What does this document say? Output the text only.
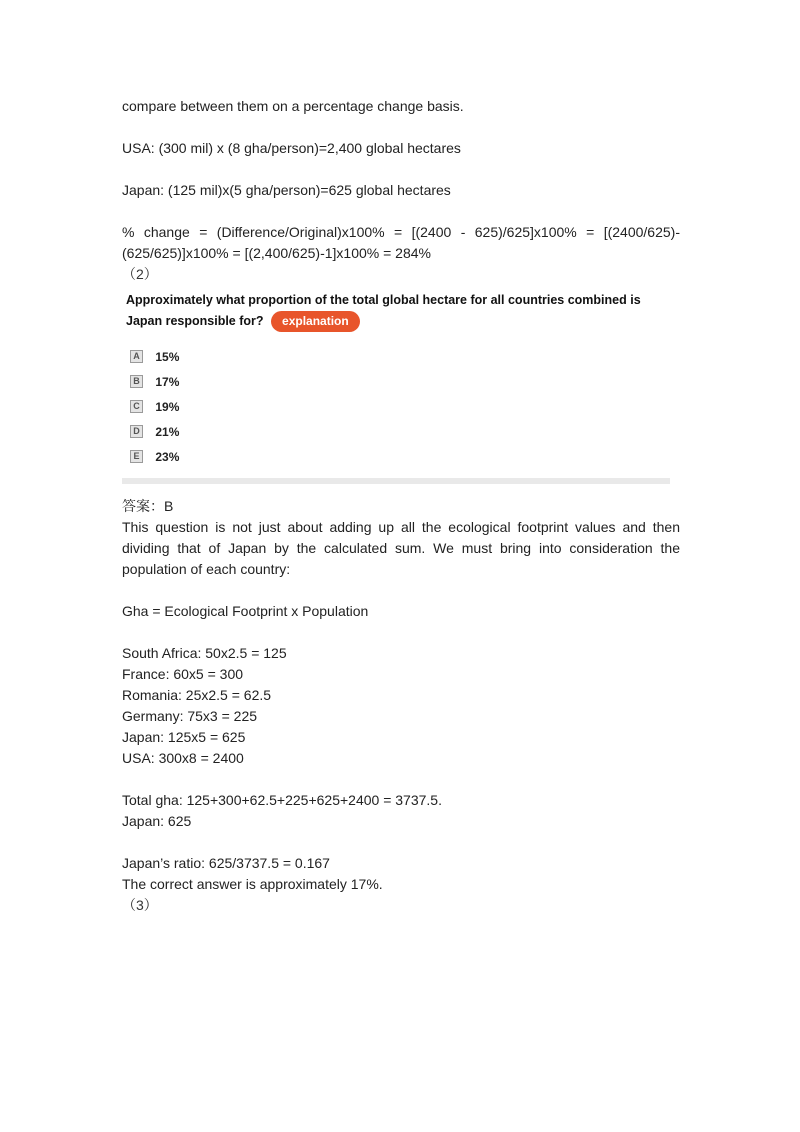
compare between them on a percentage change basis.

USA: (300 mil) x (8 gha/person)=2,400 global hectares

Japan: (125 mil)x(5 gha/person)=625 global hectares

% change = (Difference/Original)x100% = [(2400 - 625)/625]x100% = [(2400/625)-(625/625)]x100% = [(2,400/625)-1]x100% = 284%

（2）
Approximately what proportion of the total global hectare for all countries combined is Japan responsible for? explanation
A 15%
B 17%
C 19%
D 21%
E 23%

答案：B

This question is not just about adding up all the ecological footprint values and then dividing that of Japan by the calculated sum. We must bring into consideration the population of each country:

Gha = Ecological Footprint x Population

South Africa: 50x2.5 = 125

France: 60x5 = 300

Romania: 25x2.5 = 62.5

Germany: 75x3 = 225

Japan: 125x5 = 625

USA: 300x8 = 2400

Total gha: 125+300+62.5+225+625+2400 = 3737.5.

Japan: 625

Japan’s ratio: 625/3737.5 = 0.167

The correct answer is approximately 17%.

（3）
